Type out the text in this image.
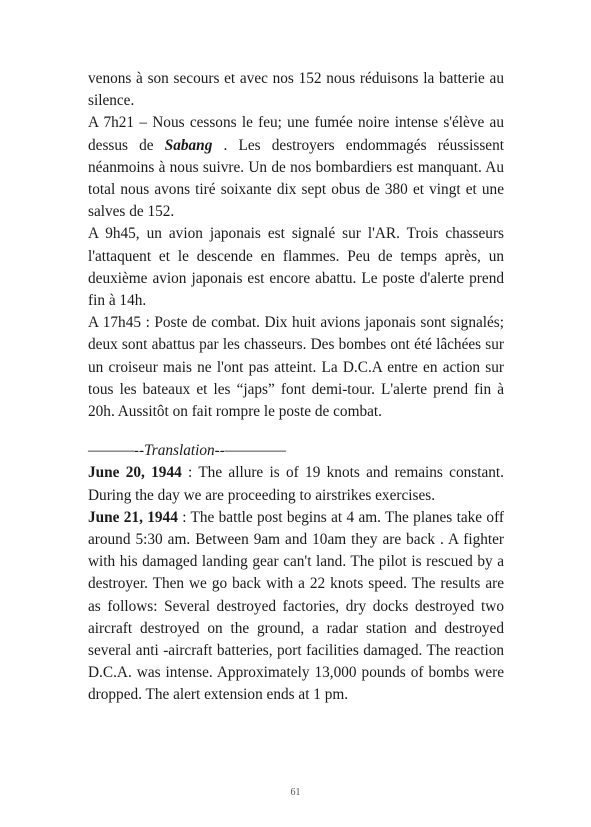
venons à son secours et avec nos 152 nous réduisons la batterie au silence.

A 7h21 – Nous cessons le feu; une fumée noire intense s'élève au dessus de Sabang . Les destroyers endommagés réussissent néanmoins à nous suivre. Un de nos bombardiers est manquant. Au total nous avons tiré soixante dix sept obus de 380 et vingt et une salves de 152.

A 9h45, un avion japonais est signalé sur l'AR. Trois chasseurs l'attaquent et le descende en flammes. Peu de temps après, un deuxième avion japonais est encore abattu. Le poste d'alerte prend fin à 14h.

A 17h45 : Poste de combat. Dix huit avions japonais sont signalés; deux sont abattus par les chasseurs. Des bombes ont été lâchées sur un croiseur mais ne l'ont pas atteint. La D.C.A entre en action sur tous les bateaux et les “japs” font demi-tour. L'alerte prend fin à 20h. Aussitôt on fait rompre le poste de combat.

———--Translation--————

June 20, 1944 : The allure is of 19 knots and remains constant. During the day we are proceeding to airstrikes exercises.

June 21, 1944 : The battle post begins at 4 am. The planes take off around 5:30 am. Between 9am and 10am they are back . A fighter with his damaged landing gear can't land. The pilot is rescued by a destroyer. Then we go back with a 22 knots speed. The results are as follows: Several destroyed factories, dry docks destroyed two aircraft destroyed on the ground, a radar station and destroyed several anti -aircraft batteries, port facilities damaged. The reaction D.C.A. was intense. Approximately 13,000 pounds of bombs were dropped. The alert extension ends at 1 pm.

61
